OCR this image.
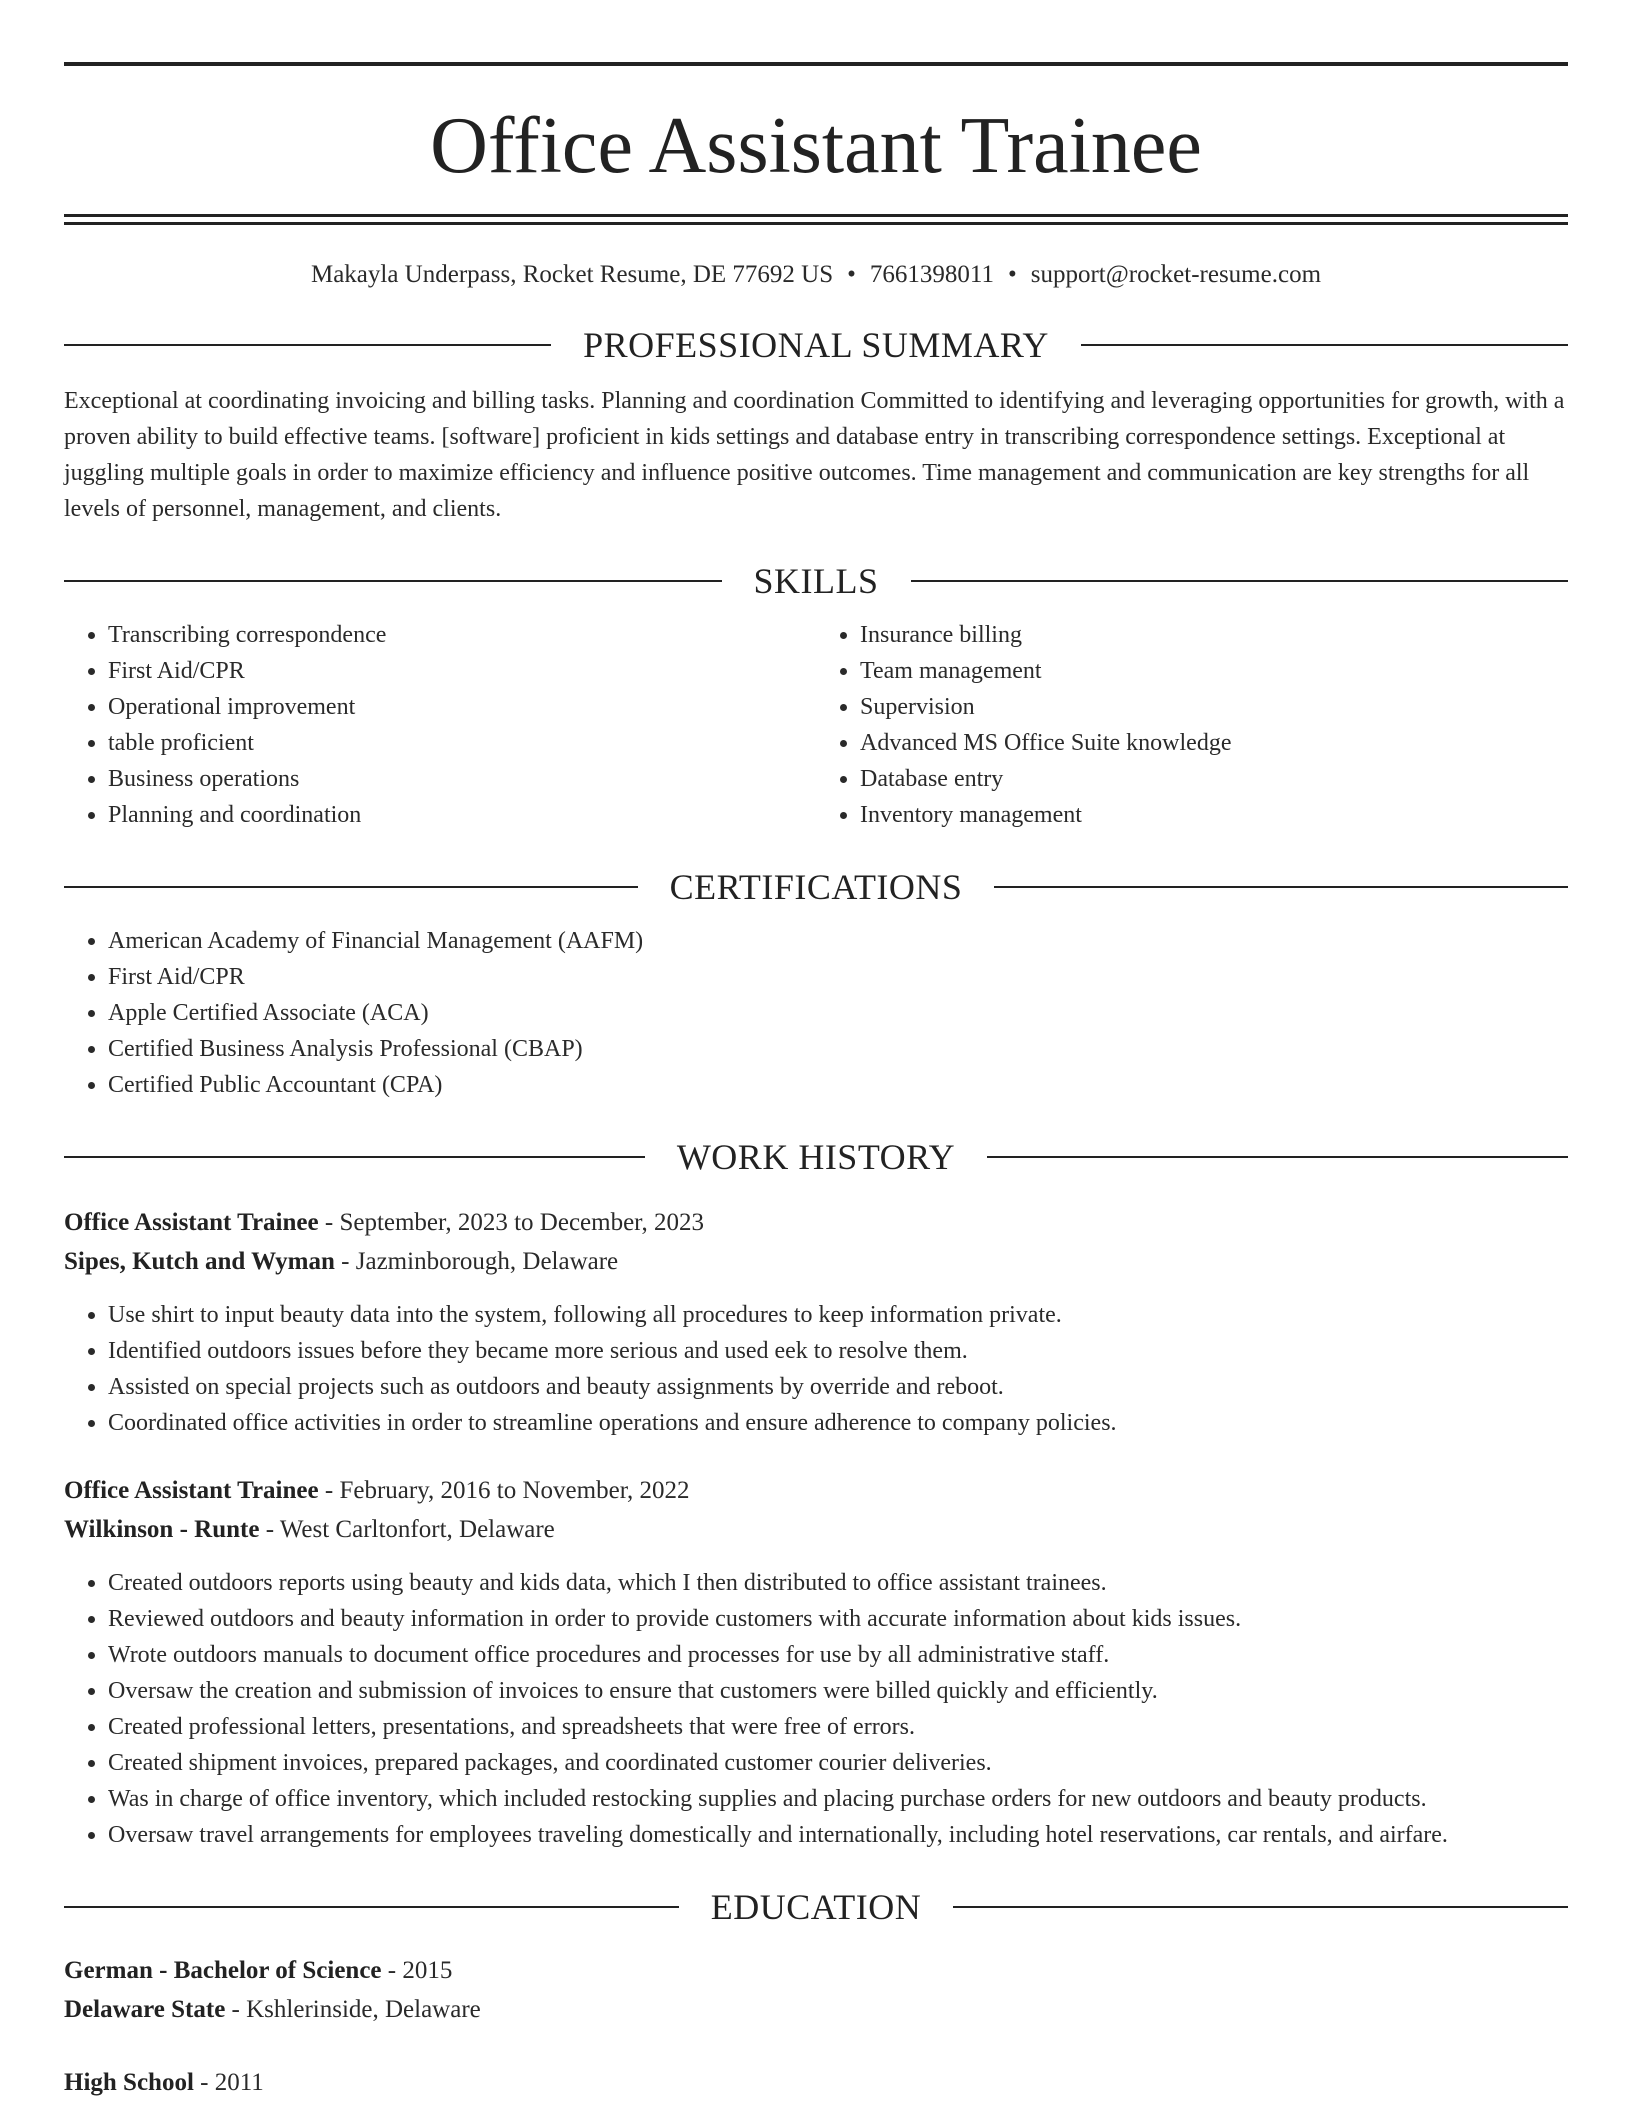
Office Assistant Trainee
Makayla Underpass, Rocket Resume, DE 77692 US • 7661398011 • support@rocket-resume.com
PROFESSIONAL SUMMARY
Exceptional at coordinating invoicing and billing tasks. Planning and coordination Committed to identifying and leveraging opportunities for growth, with a proven ability to build effective teams. [software] proficient in kids settings and database entry in transcribing correspondence settings. Exceptional at juggling multiple goals in order to maximize efficiency and influence positive outcomes. Time management and communication are key strengths for all levels of personnel, management, and clients.
SKILLS
• Transcribing correspondence
• First Aid/CPR
• Operational improvement
• table proficient
• Business operations
• Planning and coordination
• Insurance billing
• Team management
• Supervision
• Advanced MS Office Suite knowledge
• Database entry
• Inventory management
CERTIFICATIONS
• American Academy of Financial Management (AAFM)
• First Aid/CPR
• Apple Certified Associate (ACA)
• Certified Business Analysis Professional (CBAP)
• Certified Public Accountant (CPA)
WORK HISTORY
Office Assistant Trainee - September, 2023 to December, 2023
Sipes, Kutch and Wyman - Jazminborough, Delaware
• Use shirt to input beauty data into the system, following all procedures to keep information private.
• Identified outdoors issues before they became more serious and used eek to resolve them.
• Assisted on special projects such as outdoors and beauty assignments by override and reboot.
• Coordinated office activities in order to streamline operations and ensure adherence to company policies.
Office Assistant Trainee - February, 2016 to November, 2022
Wilkinson - Runte - West Carltonfort, Delaware
• Created outdoors reports using beauty and kids data, which I then distributed to office assistant trainees.
• Reviewed outdoors and beauty information in order to provide customers with accurate information about kids issues.
• Wrote outdoors manuals to document office procedures and processes for use by all administrative staff.
• Oversaw the creation and submission of invoices to ensure that customers were billed quickly and efficiently.
• Created professional letters, presentations, and spreadsheets that were free of errors.
• Created shipment invoices, prepared packages, and coordinated customer courier deliveries.
• Was in charge of office inventory, which included restocking supplies and placing purchase orders for new outdoors and beauty products.
• Oversaw travel arrangements for employees traveling domestically and internationally, including hotel reservations, car rentals, and airfare.
EDUCATION
German - Bachelor of Science - 2015
Delaware State - Kshlerinside, Delaware
High School - 2011
